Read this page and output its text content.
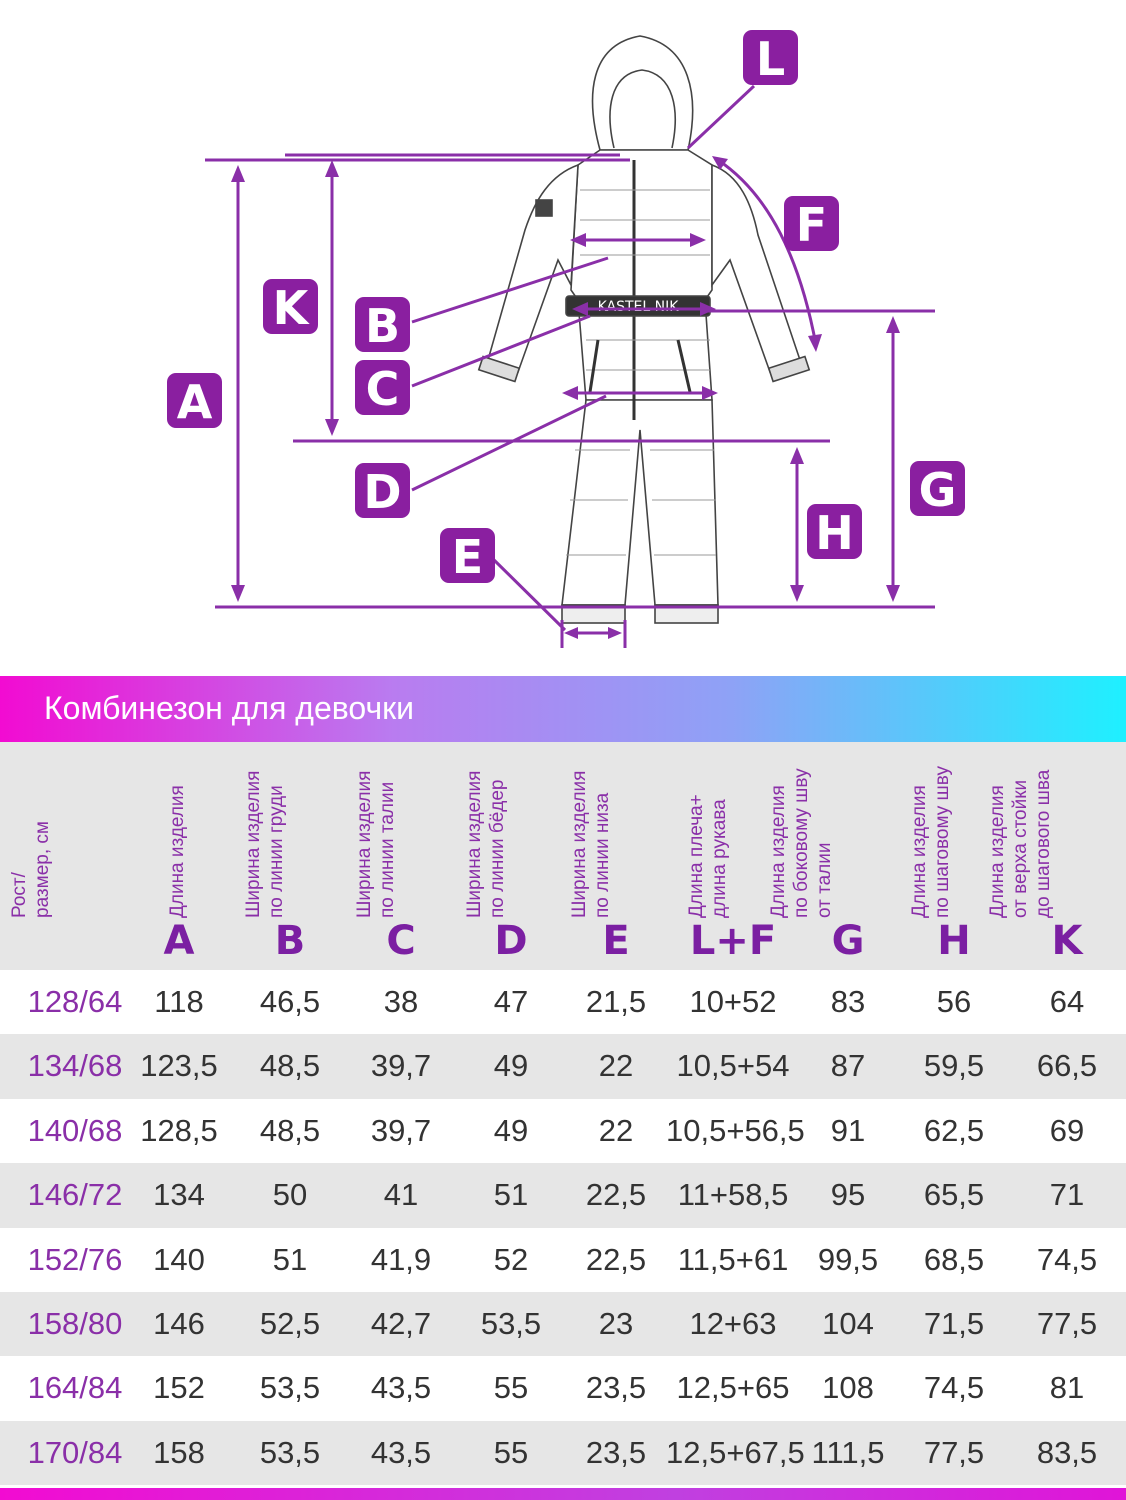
KASTEL NIK
A
B
C
D
E
F
G
H
K
L
Комбинезон для девочки
Рост/
размер, см	Длина изделия
A
Ширина изделия
по линии груди
B
Ширина изделия
по линии талии
C
Ширина изделия
по линии бёдер
D
Ширина изделия
по линии низа
E
Длина плеча+
длина рукава
L+F
Длина изделия
по боковому шву
от талии
G
Длина изделия
по шаговому шву
H
Длина изделия
от верха стойки
до шагового шва
K
128/64	118	46,5	38	47	21,5	10+52	83	56	64
134/68 123,5	48,5	39,7	49	22	10,5+54	87	59,5	66,5
140/68 128,5	48,5	39,7	49	22	10,5+56,5 91	62,5	69
146/72 134	50	41	51	22,5	11+58,5	95	65,5	71
152/76 140	51	41,9	52	22,5	11,5+61 99,5	68,5	74,5
158/80 146	52,5	42,7	53,5	23	12+63	104	71,5	77,5
164/84 152	53,5	43,5	55	23,5 12,5+65	108	74,5	81
170/84 158	53,5	43,5	55	23,5 12,5+67,5 111,5	77,5	83,5
